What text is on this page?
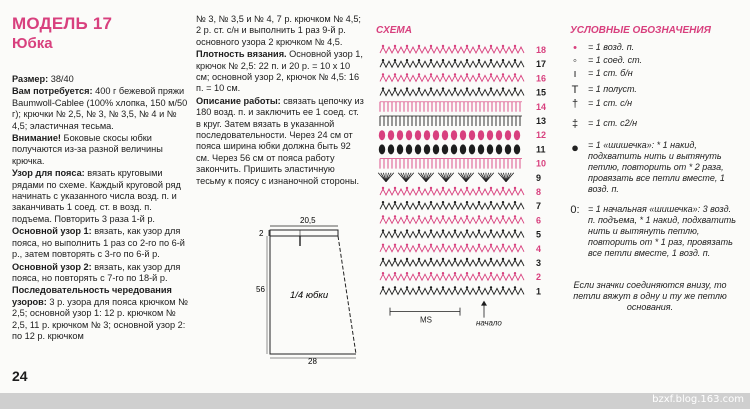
МОДЕЛЬ 17
Юбка

Размер: 38/40

Вам потребуется: 400 г бежевой пряжи Baumwoll-Cablee (100% хлопка, 150 м/50 г); крючки № 2,5, № 3, № 3,5, № 4 и № 4,5; эластичная тесьма.

Внимание! Боковые скосы юбки получаются из-за разной величины крючка.

Узор для пояса: вязать круговыми рядами по схеме. Каждый круговой ряд начинать с указанного числа возд. п. и заканчивать 1 соед. ст. в возд. п. подъема. Повторить 3 раза 1-й р.

Основной узор 1: вязать, как узор для пояса, но выполнить 1 раз со 2-го по 6-й р., затем повторять с 3-го по 6-й р.

Основной узор 2: вязать, как узор для пояса, но повторять с 7-го по 18-й р.

Последовательность чередования узоров: 3 р. узора для пояса крючком № 2,5; основной узор 1: 12 р. крючком № 2,5, 11 р. крючком № 3; основной узор 2: по 12 р. крючком

№ 3, № 3,5 и № 4, 7 р. крючком № 4,5; 2 р. ст. с/н и выполнить 1 раз 9-й р. основного узора 2 крючком № 4,5.

Плотность вязания. Основной узор 1, крючок № 2,5: 22 п. и 20 р. = 10 х 10 см; основной узор 2, крючок № 4,5: 16 п. = 10 см.

Описание работы: связать цепочку из 180 возд. п. и заключить ее 1 соед. ст. в круг. Затем вязать в указанной последовательности. Через 24 см от пояса ширина юбки должна быть 92 см. Через 56 см от пояса работу закончить. Пришить эластичную тесьму к поясу с изнаночной стороны.

20,5
2
56
1/4 юбки
28
СХЕМА
18
17
16
15
14
13
12
11
10
9
8
7
6
5
4
3
2
1
MS	начало
УСЛОВНЫЕ ОБОЗНАЧЕНИЯ
•	= 1 возд. п.
◦	= 1 соед. ст.
ı	= 1 ст. б/н
T	= 1 полуст.
†	= 1 ст. с/н
‡	= 1 ст. с2/н
●	= 1 «шишечка»: * 1 накид, подхватить нить и вытянуть петлю, повторить от * 2 раза, провязать все петли вместе, 1 возд. п.
0: = 1 начальная «шишечка»: 3 возд. п. подъема, * 1 накид, подхватить нить и вытянуть петлю, повторить от * 1 раз, провязать все петли вместе, 1 возд. п.
Если значки соединяются внизу, то петли вяжут в одну и ту же петлю основания.
24
bzxf.blog.163.com
